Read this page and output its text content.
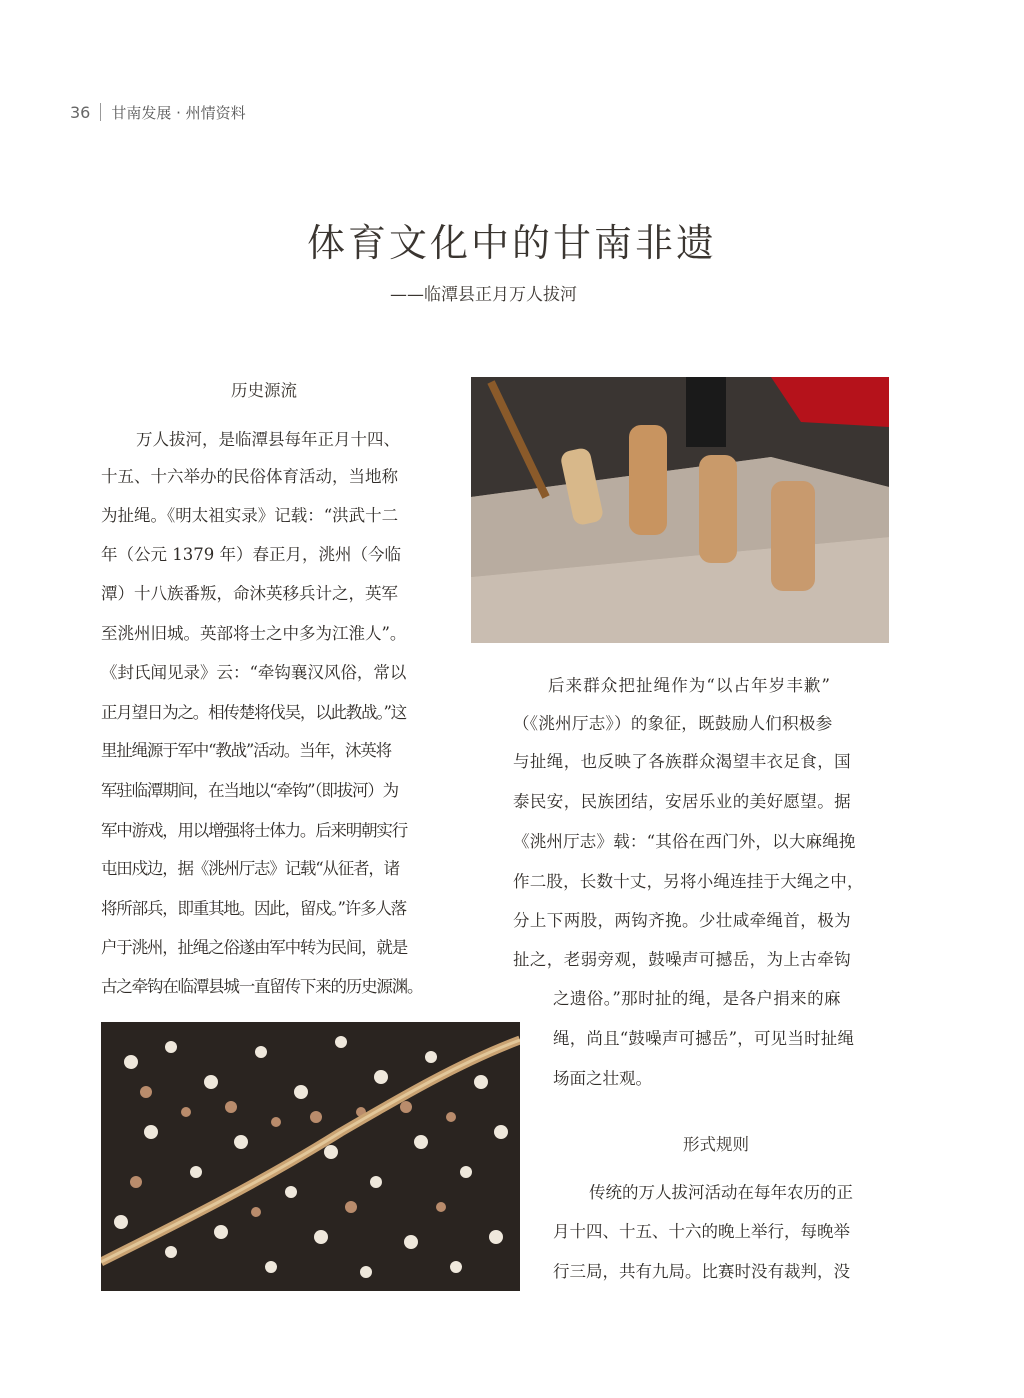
36 甘南发展 · 州情资料
体育文化中的甘南非遗
——临潭县正月万人拔河
历史源流
万人拔河，是临潭县每年正月十四、
十五、十六举办的民俗体育活动，当地称
为扯绳。《明太祖实录》记载：“洪武十二
年（公元 1379 年）春正月，洮州（今临
潭）十八族番叛，命沐英移兵计之，英军
至洮州旧城。英部将士之中多为江淮人”。
《封氏闻见录》云：“牵钩襄汉风俗，常以
正月望日为之。相传楚将伐吴，以此教战。”这
里扯绳源于军中“教战”活动。当年，沐英将
军驻临潭期间，在当地以“牵钩”（即拔河）为
军中游戏，用以增强将士体力。后来明朝实行
屯田戍边，据《洮州厅志》记载“从征者，诸
将所部兵，即重其地。因此，留戍。”许多人落
户于洮州，扯绳之俗遂由军中转为民间，就是
古之牵钩在临潭县城一直留传下来的历史源渊。
后来群众把扯绳作为“以占年岁丰歉”
（《洮州厅志》）的象征，既鼓励人们积极参
与扯绳，也反映了各族群众渴望丰衣足食，国
泰民安，民族团结，安居乐业的美好愿望。据
《洮州厅志》载：“其俗在西门外，以大麻绳挽
作二股，长数十丈，另将小绳连挂于大绳之中，
分上下两股，两钩齐挽。少壮咸牵绳首，极为
扯之，老弱旁观，鼓噪声可撼岳，为上古牵钩
之遗俗。”那时扯的绳，是各户捐来的麻
绳，尚且“鼓噪声可撼岳”，可见当时扯绳
场面之壮观。
形式规则
传统的万人拔河活动在每年农历的正
月十四、十五、十六的晚上举行，每晚举
行三局，共有九局。比赛时没有裁判，没
